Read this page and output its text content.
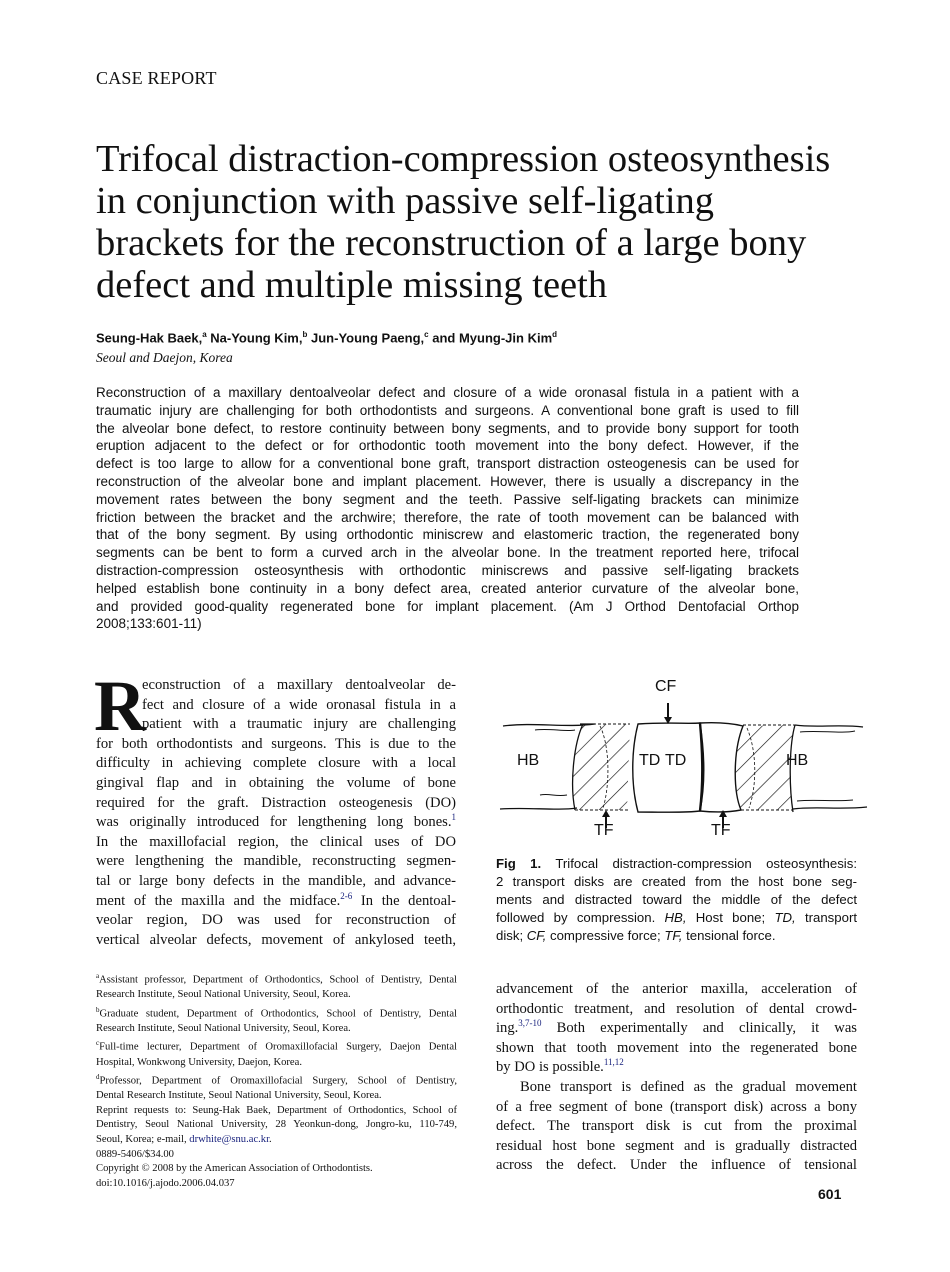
CASE REPORT
Trifocal distraction-compression osteosynthesis
in conjunction with passive self-ligating
brackets for the reconstruction of a large bony
defect and multiple missing teeth
Seung-Hak Baek,$^a$ Na-Young Kim,$^b$ Jun-Young Paeng,$^c$ and Myung-Jin Kim$^d$
Seoul and Daejon, Korea
Reconstruction of a maxillary dentoalveolar defect and closure of a wide oronasal fistula in a patient with a
traumatic injury are challenging for both orthodontists and surgeons. A conventional bone graft is used to fill
the alveolar bone defect, to restore continuity between bony segments, and to provide bony support for tooth
eruption adjacent to the defect or for orthodontic tooth movement into the bony defect. However, if the
defect is too large to allow for a conventional bone graft, transport distraction osteogenesis can be used for
reconstruction of the alveolar bone and implant placement. However, there is usually a discrepancy in the
movement rates between the bony segment and the teeth. Passive self-ligating brackets can minimize
friction between the bracket and the archwire; therefore, the rate of tooth movement can be balanced with
that of the bony segment. By using orthodontic miniscrew and elastomeric traction, the regenerated bony
segments can be bent to form a curved arch in the alveolar bone. In the treatment reported here, trifocal
distraction-compression osteosynthesis with orthodontic miniscrews and passive self-ligating brackets
helped establish bone continuity in a bony defect area, created anterior curvature of the alveolar bone,
and provided good-quality regenerated bone for implant placement. (Am J Orthod Dentofacial Orthop
2008;133:601-11)
R
econstruction of a maxillary dentoalveolar de-
fect and closure of a wide oronasal fistula in a
patient with a traumatic injury are challenging
for both orthodontists and surgeons. This is due to the
difficulty in achieving complete closure with a local
gingival flap and in obtaining the volume of bone
required for the graft. Distraction osteogenesis (DO)
was originally introduced for lengthening long bones.$^1$
In the maxillofacial region, the clinical uses of DO
were lengthening the mandible, reconstructing segmen-
tal or large bony defects in the mandible, and advance-
ment of the maxilla and the midface.$^{2-6}$ In the dentoal-
veolar region, DO was used for reconstruction of
vertical alveolar defects, movement of ankylosed teeth,
CF
HB	TD TD	HB
TF	TF
Fig 1. Trifocal distraction-compression osteosynthesis:
2 transport disks are created from the host bone seg-
ments and distracted toward the middle of the defect
followed by compression. HB, Host bone; TD, transport
disk; CF, compressive force; TF, tensional force.
$^a$Assistant professor, Department of Orthodontics, School of Dentistry, Dental
Research Institute, Seoul National University, Seoul, Korea.
$^b$Graduate student, Department of Orthodontics, School of Dentistry, Dental
Research Institute, Seoul National University, Seoul, Korea.
$^c$Full-time lecturer, Department of Oromaxillofacial Surgery, Daejon Dental
Hospital, Wonkwong University, Daejon, Korea.
$^d$Professor, Department of Oromaxillofacial Surgery, School of Dentistry,
Dental Research Institute, Seoul National University, Seoul, Korea.
Reprint requests to: Seung-Hak Baek, Department of Orthodontics, School of
Dentistry, Seoul National University, 28 Yeonkun-dong, Jongro-ku, 110-749,
Seoul, Korea; e-mail, drwhite@snu.ac.kr.
0889-5406/$34.00
Copyright © 2008 by the American Association of Orthodontists.
doi:10.1016/j.ajodo.2006.04.037
advancement of the anterior maxilla, acceleration of
orthodontic treatment, and resolution of dental crowd-
ing.$^{3,7-10}$ Both experimentally and clinically, it was
shown that tooth movement into the regenerated bone
by DO is possible.$^{11,12}$
Bone transport is defined as the gradual movement
of a free segment of bone (transport disk) across a bony
defect. The transport disk is cut from the proximal
residual host bone segment and is gradually distracted
across the defect. Under the influence of tensional
601
